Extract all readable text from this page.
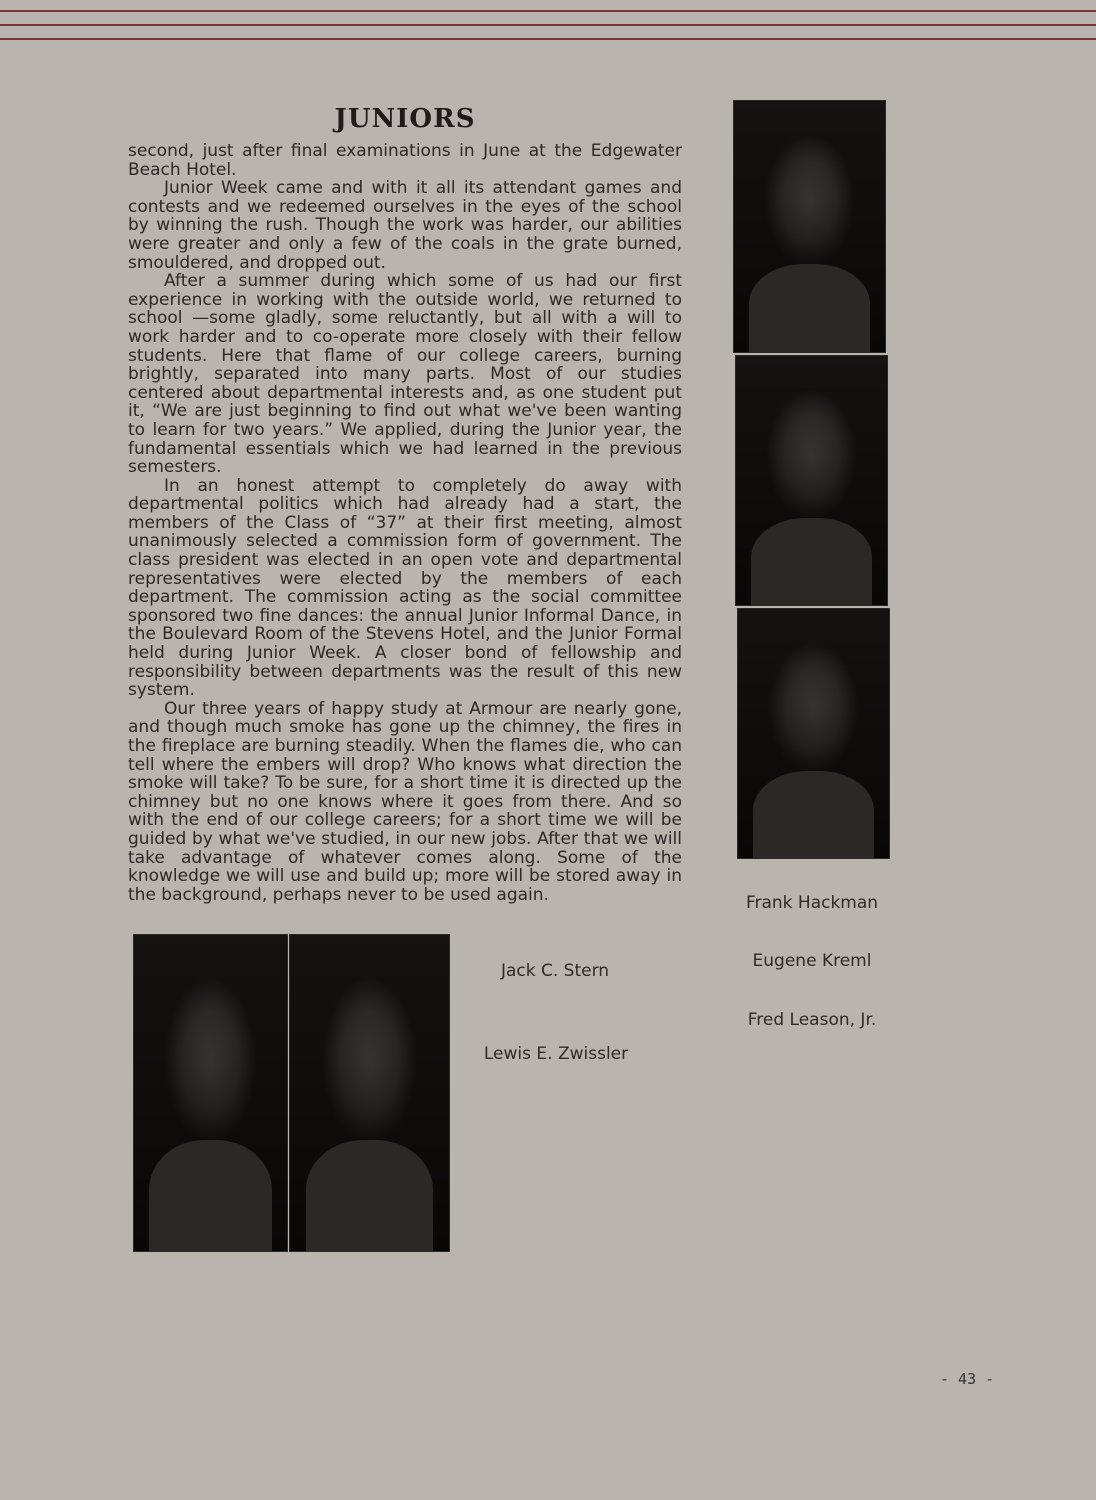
JUNIORS

second, just after final examinations in June at the Edgewater Beach Hotel.

Junior Week came and with it all its attendant games and contests and we redeemed ourselves in the eyes of the school by winning the rush. Though the work was harder, our abilities were greater and only a few of the coals in the grate burned, smouldered, and dropped out.

After a summer during which some of us had our first experience in working with the outside world, we returned to school —some gladly, some reluctantly, but all with a will to work harder and to co-operate more closely with their fellow students. Here that flame of our college careers, burning brightly, separated into many parts. Most of our studies centered about departmental interests and, as one student put it, “We are just beginning to find out what we've been wanting to learn for two years.” We applied, during the Junior year, the fundamental essentials which we had learned in the previous semesters.

In an honest attempt to completely do away with departmental politics which had already had a start, the members of the Class of “37” at their first meeting, almost unanimously selected a commission form of government. The class president was elected in an open vote and departmental representatives were elected by the members of each department. The commission acting as the social committee sponsored two fine dances: the annual Junior Informal Dance, in the Boulevard Room of the Stevens Hotel, and the Junior Formal held during Junior Week. A closer bond of fellowship and responsibility between departments was the result of this new system.

Our three years of happy study at Armour are nearly gone, and though much smoke has gone up the chimney, the fires in the fireplace are burning steadily. When the flames die, who can tell where the embers will drop? Who knows what direction the smoke will take? To be sure, for a short time it is directed up the chimney but no one knows where it goes from there. And so with the end of our college careers; for a short time we will be guided by what we've studied, in our new jobs. After that we will take advantage of whatever comes along. Some of the knowledge we will use and build up; more will be stored away in the background, perhaps never to be used again.	Frank Hackman
Eugene Kreml
Fred Leason, Jr.
Jack C. Stern
Lewis E. Zwissler
- 43 -
